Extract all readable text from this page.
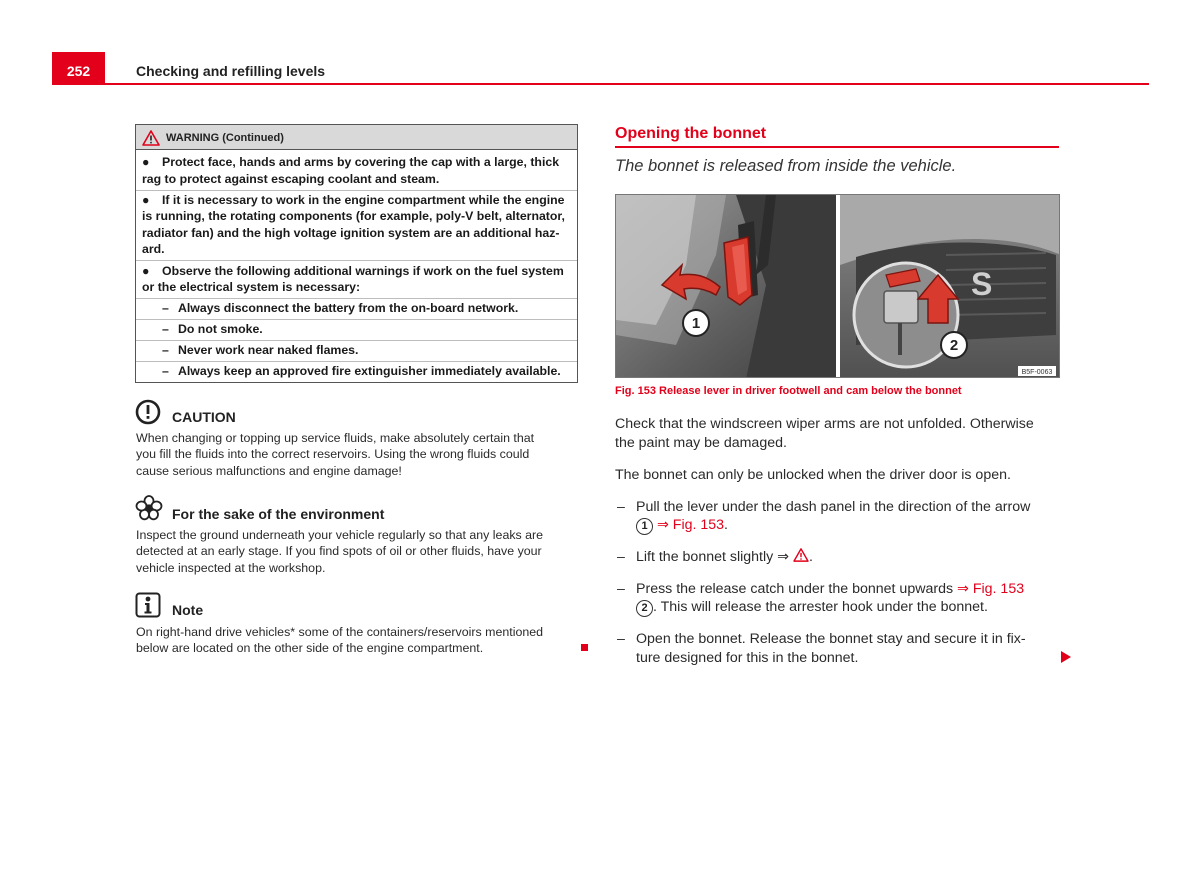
252	Checking and refilling levels
WARNING (Continued)
● Protect face, hands and arms by covering the cap with a large, thick
rag to protect against escaping coolant and steam.
● If it is necessary to work in the engine compartment while the engine
is running, the rotating components (for example, poly-V belt, alternator,
radiator fan) and the high voltage ignition system are an additional haz-
ard.
● Observe the following additional warnings if work on the fuel system
or the electrical system is necessary:
– Always disconnect the battery from the on-board network.
– Do not smoke.
– Never work near naked flames.
– Always keep an approved fire extinguisher immediately available.
CAUTION
When changing or topping up service fluids, make absolutely certain that
you fill the fluids into the correct reservoirs. Using the wrong fluids could
cause serious malfunctions and engine damage!
For the sake of the environment
Inspect the ground underneath your vehicle regularly so that any leaks are
detected at an early stage. If you find spots of oil or other fluids, have your
vehicle inspected at the workshop.
Note
On right-hand drive vehicles* some of the containers/reservoirs mentioned
below are located on the other side of the engine compartment.
Opening the bonnet
The bonnet is released from inside the vehicle.
1
S
2
B5F-0063
Fig. 153 Release lever in driver footwell and cam below the bonnet
Check that the windscreen wiper arms are not unfolded. Otherwise
the paint may be damaged.
The bonnet can only be unlocked when the driver door is open.
– Pull the lever under the dash panel in the direction of the arrow
1 ⇒ Fig. 153.
– Lift the bonnet slightly ⇒ .
– Press the release catch under the bonnet upwards ⇒ Fig. 153
2 . This will release the arrester hook under the bonnet.
– Open the bonnet. Release the bonnet stay and secure it in fix-
ture designed for this in the bonnet.
